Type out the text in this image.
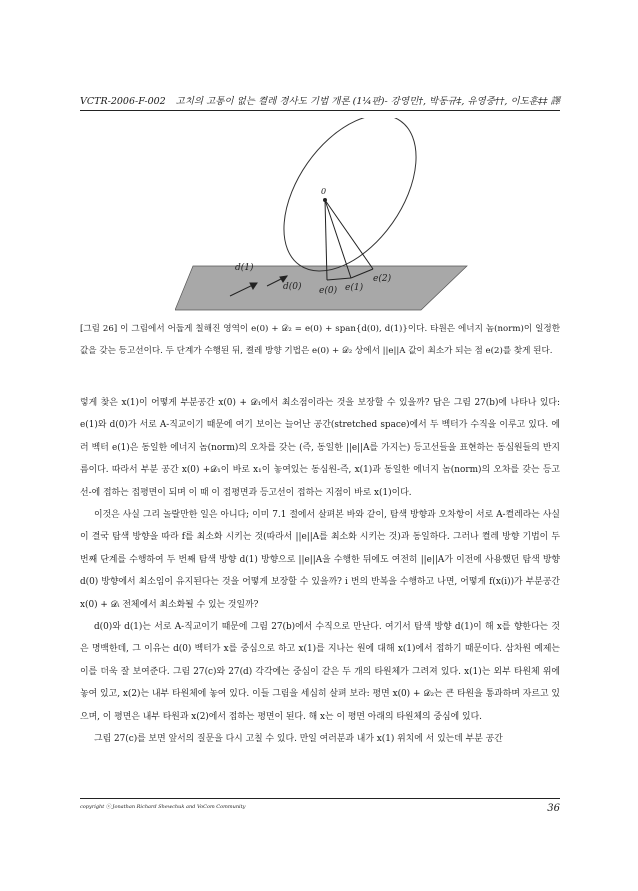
VCTR-2006-F-002 고치의 고통이 없는 켤레 경사도 기법 개론 (1¼판)- 강영민†, 박동규‡, 유영중††, 이도훈‡‡ 譯
0
d(1)
d(0) e(0) e(1)
e(2)
[그림 26] 이 그림에서 어둡게 칠해진 영역이 e(0) + 𝒟₂ = e(0) + span{d(0), d(1)}이다. 타원은 에너지 놈(norm)이 일정한 값을 갖는 등고선이다. 두 단계가 수행된 뒤, 켤레 방향 기법은 e(0) + 𝒟₂ 상에서 ||e||A 값이 최소가 되는 점 e(2)를 찾게 된다.

렇게 찾은 x(1)이 어떻게 부분공간 x(0) + 𝒟₁에서 최소점이라는 것을 보장할 수 있을까? 답은 그림 27(b)에 나타나 있다: e(1)와 d(0)가 서로 A-직교이기 때문에 여기 보이는 늘어난 공간(stretched space)에서 두 벡터가 수직을 이루고 있다. 에러 벡터 e(1)은 동일한 에너지 놈(norm)의 오차를 갖는 (즉, 동일한 ||e||A를 가지는) 등고선들을 표현하는 동심원들의 반지름이다. 따라서 부분 공간 x(0) +𝒟₁이 바로 x₁이 놓여있는 동심원-즉, x(1)과 동일한 에너지 놈(norm)의 오차를 갖는 등고선-에 접하는 접평면이 되며 이 때 이 접평면과 등고선이 접하는 지점이 바로 x(1)이다.

이것은 사실 그리 놀랄만한 일은 아니다; 이미 7.1 절에서 살펴본 바와 같이, 탐색 방향과 오차항이 서로 A-켤레라는 사실이 결국 탐색 방향을 따라 f를 최소화 시키는 것(따라서 ||e||A를 최소화 시키는 것)과 동일하다. 그러나 켤레 방향 기법이 두 번째 단계를 수행하여 두 번째 탐색 방향 d(1) 방향으로 ||e||A을 수행한 뒤에도 여전히 ||e||A가 이전에 사용했던 탐색 방향 d(0) 방향에서 최소임이 유지된다는 것을 어떻게 보장할 수 있을까? i 번의 반복을 수행하고 나면, 어떻게 f(x(i))가 부분공간 x(0) + 𝒟ᵢ 전체에서 최소화될 수 있는 것일까?

d(0)와 d(1)는 서로 A-직교이기 때문에 그림 27(b)에서 수직으로 만난다. 여기서 탐색 방향 d(1)이 해 x를 향한다는 것은 명백한데, 그 이유는 d(0) 벡터가 x를 중심으로 하고 x(1)를 지나는 원에 대해 x(1)에서 접하기 때문이다. 삼차원 예제는 이를 더욱 잘 보여준다. 그림 27(c)와 27(d) 각각에는 중심이 같은 두 개의 타원체가 그려져 있다. x(1)는 외부 타원체 위에 놓여 있고, x(2)는 내부 타원체에 놓여 있다. 이들 그림을 세심히 살펴 보라: 평면 x(0) + 𝒟₂는 큰 타원을 통과하며 자르고 있으며, 이 평면은 내부 타원과 x(2)에서 접하는 평면이 된다. 해 x는 이 평면 아래의 타원체의 중심에 있다.

그림 27(c)를 보면 앞서의 질문을 다시 고칠 수 있다. 만일 여러분과 내가 x(1) 위치에 서 있는데 부분 공간

copyright ⓒ Jonathan Richard Shewchuk and VoCom Community	36
